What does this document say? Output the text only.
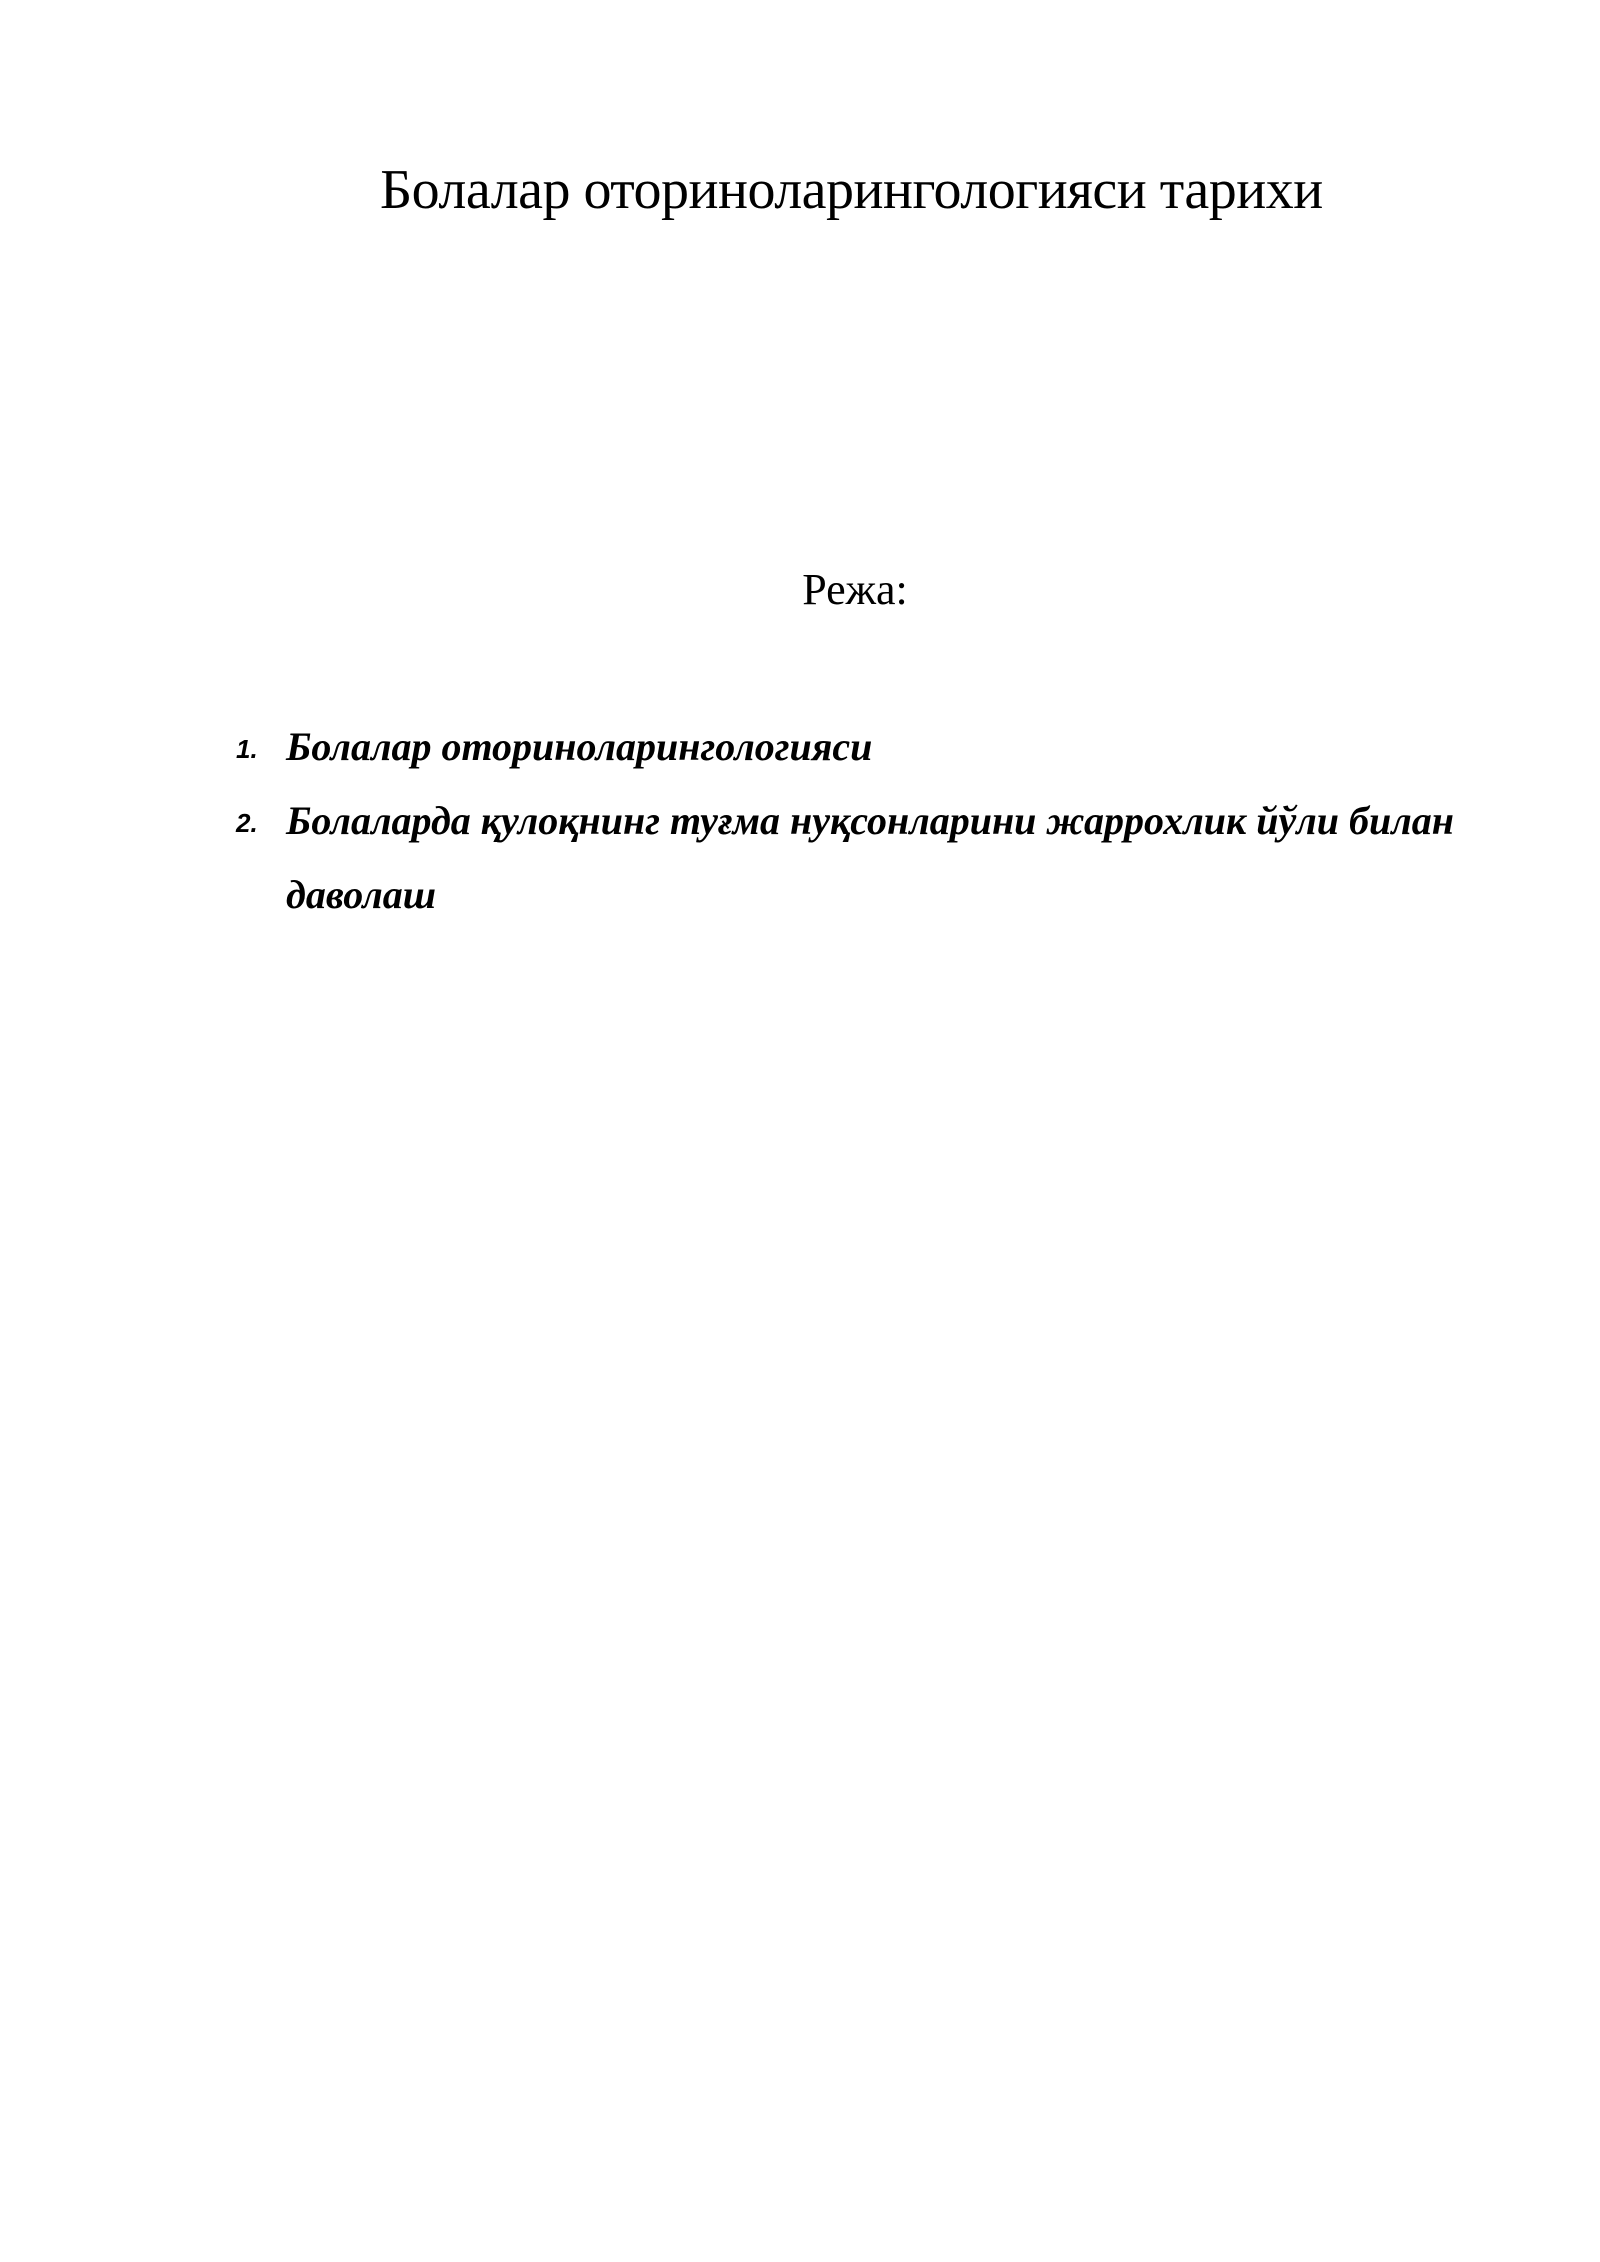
Болалар оториноларингологияси тарихи
Режа:
1. Болалар оториноларингологияси
2. Болаларда қулоқнинг туғма нуқсонларини жаррохлик йўли билан даволаш
